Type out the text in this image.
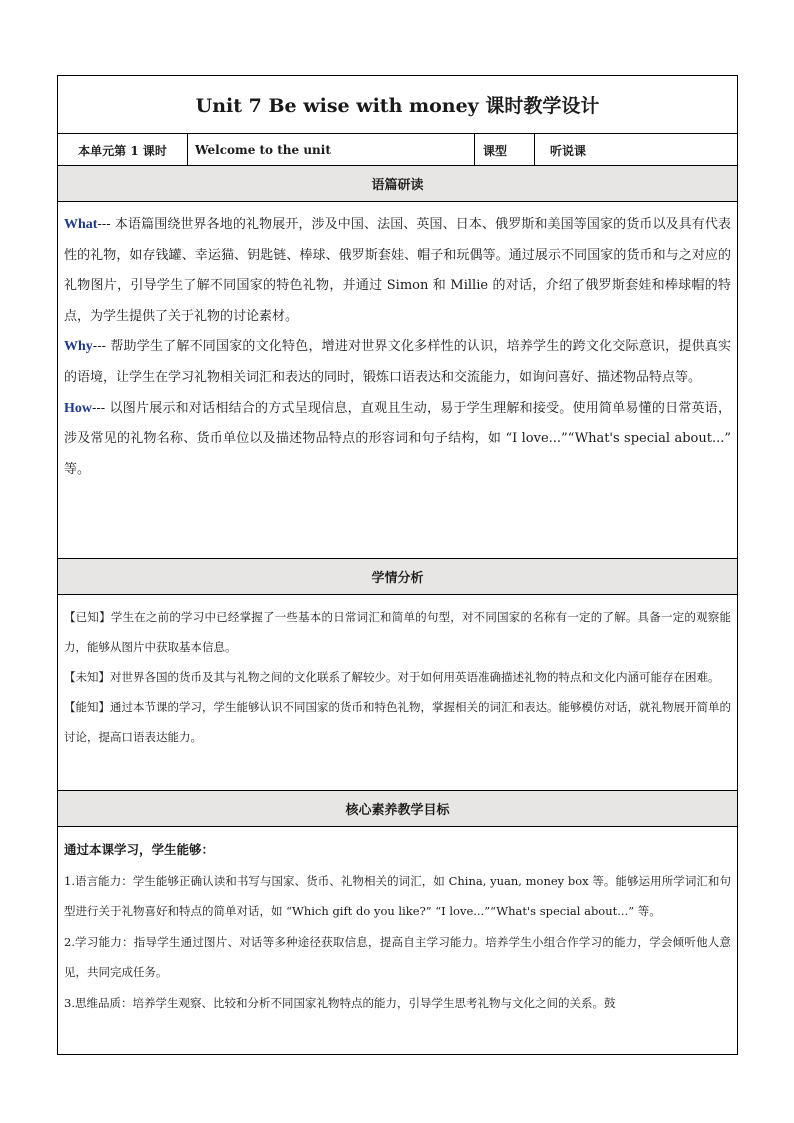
Unit 7 Be wise with money 课时教学设计
本单元第 1 课时	Welcome to the unit	课型	听说课
语篇研读

What--- 本语篇围绕世界各地的礼物展开，涉及中国、法国、英国、日本、俄罗斯和美国等国家的货币以及具有代表性的礼物，如存钱罐、幸运猫、钥匙链、棒球、俄罗斯套娃、帽子和玩偶等。通过展示不同国家的货币和与之对应的礼物图片，引导学生了解不同国家的特色礼物，并通过 Simon 和 Millie 的对话，介绍了俄罗斯套娃和棒球帽的特点，为学生提供了关于礼物的讨论素材。

Why--- 帮助学生了解不同国家的文化特色，增进对世界文化多样性的认识，培养学生的跨文化交际意识，提供真实的语境，让学生在学习礼物相关词汇和表达的同时，锻炼口语表达和交流能力，如询问喜好、描述物品特点等。

How--- 以图片展示和对话相结合的方式呈现信息，直观且生动，易于学生理解和接受。使用简单易懂的日常英语，涉及常见的礼物名称、货币单位以及描述物品特点的形容词和句子结构，如 “I love...”“What's special about...” 等。

学情分析

【已知】学生在之前的学习中已经掌握了一些基本的日常词汇和简单的句型，对不同国家的名称有一定的了解。具备一定的观察能力，能够从图片中获取基本信息。

【未知】对世界各国的货币及其与礼物之间的文化联系了解较少。对于如何用英语准确描述礼物的特点和文化内涵可能存在困难。

【能知】通过本节课的学习，学生能够认识不同国家的货币和特色礼物，掌握相关的词汇和表达。能够模仿对话，就礼物展开简单的讨论，提高口语表达能力。

核心素养教学目标

通过本课学习，学生能够：

1.语言能力：学生能够正确认读和书写与国家、货币、礼物相关的词汇，如 China, yuan, money box 等。能够运用所学词汇和句型进行关于礼物喜好和特点的简单对话，如 “Which gift do you like?” “I love...”“What's special about...” 等。

2.学习能力：指导学生通过图片、对话等多种途径获取信息，提高自主学习能力。培养学生小组合作学习的能力，学会倾听他人意见，共同完成任务。

3.思维品质：培养学生观察、比较和分析不同国家礼物特点的能力，引导学生思考礼物与文化之间的关系。鼓
